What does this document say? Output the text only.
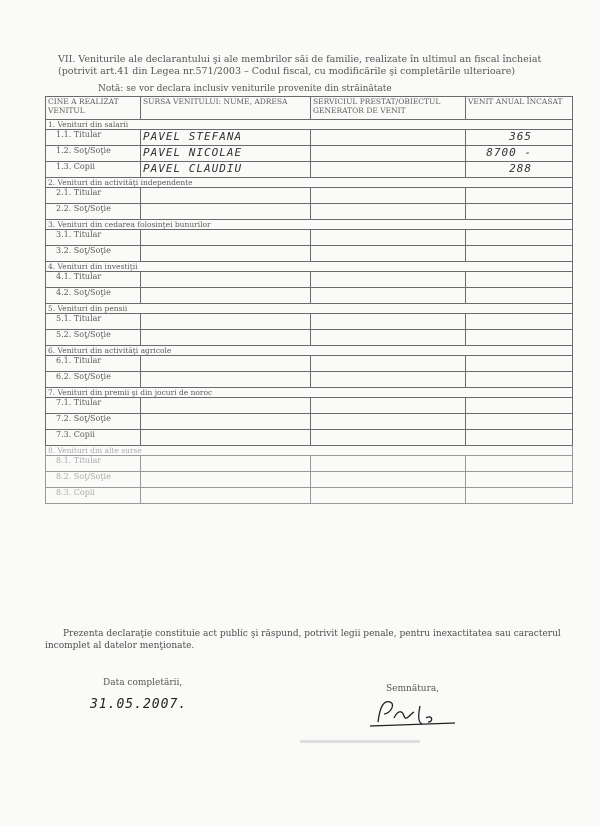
VII. Veniturile ale declarantului şi ale membrilor săi de familie, realizate în ultimul an fiscal încheiat (potrivit art.41 din Legea nr.571/2003 – Codul fiscal, cu modificările şi completările ulterioare)
Notă: se vor declara inclusiv veniturile provenite din străinătate
CINE A REALIZAT VENITUL	SURSA VENITULUI: NUME, ADRESA	SERVICIUL PRESTAT/OBIECTUL GENERATOR DE VENIT	VENIT ANUAL ÎNCASAT
1. Venituri din salarii			
1.1. Titular	PAVEL STEFANA		365
1.2. Soţ/Soţie	PAVEL NICOLAE		8700 -
1.3. Copii	PAVEL CLAUDIU		288
2. Venituri din activităţi independente			
2.1. Titular			
2.2. Soţ/Soţie			
3. Venituri din cedarea folosinţei bunurilor			
3.1. Titular			
3.2. Soţ/Soţie			
4. Venituri din investiţii			
4.1. Titular			
4.2. Soţ/Soţie			
5. Venituri din pensii			
5.1. Titular			
5.2. Soţ/Soţie			
6. Venituri din activităţi agricole			
6.1. Titular			
6.2. Soţ/Soţie			
7. Venituri din premii şi din jocuri de noroc			
7.1. Titular			
7.2. Soţ/Soţie			
7.3. Copii			
8. Venituri din alte surse			
8.1. Titular			
8.2. Soţ/Soţie			
8.3. Copii			
Prezenta declaraţie constituie act public şi răspund, potrivit legii penale, pentru inexactitatea sau caracterul incomplet al datelor menţionate.
Data completării,
31.05.2007.
Semnătura,
